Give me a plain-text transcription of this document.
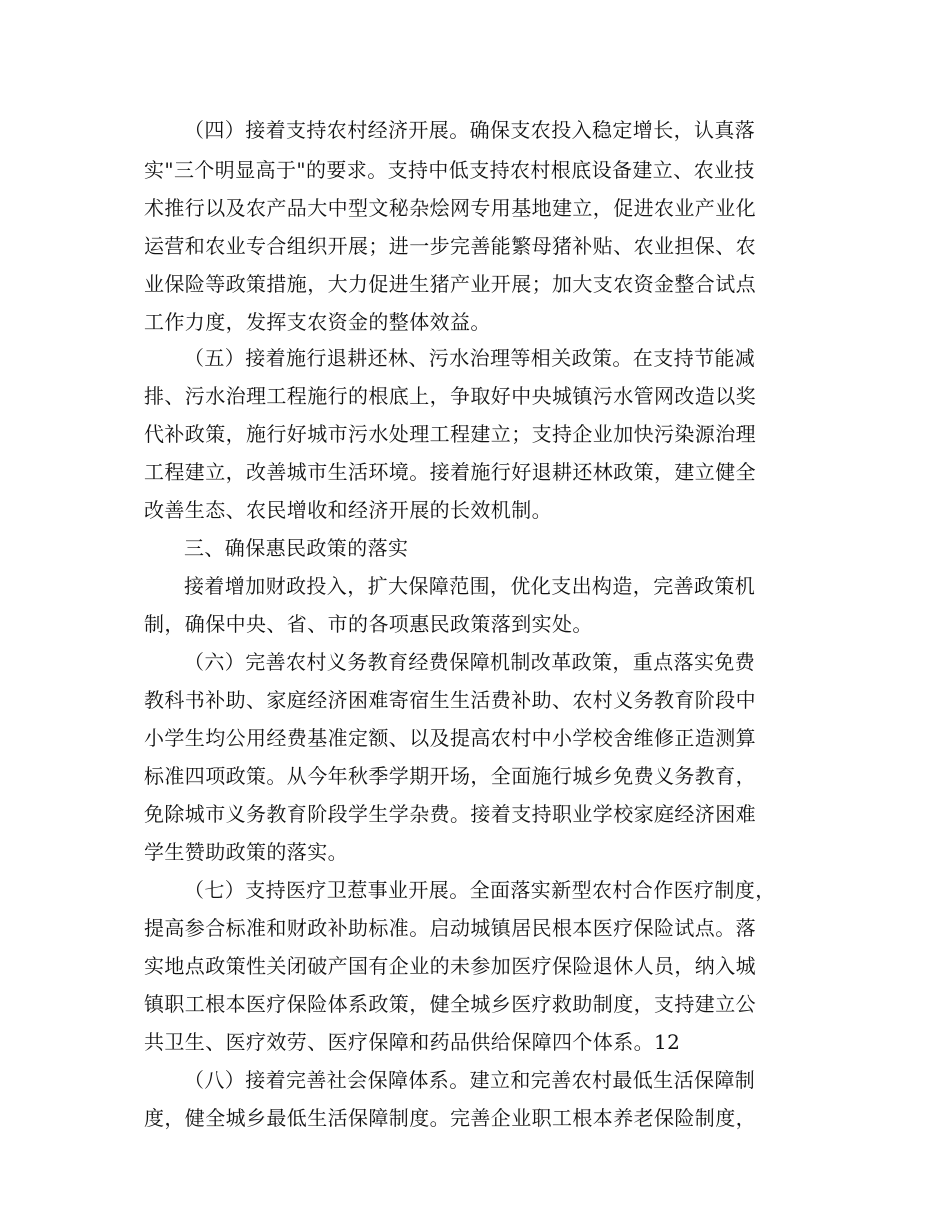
（四）接着支持农村经济开展。确保支农投入稳定增长，认真落
实"三个明显高于"的要求。支持中低支持农村根底设备建立、农业技
术推行以及农产品大中型文秘杂烩网专用基地建立，促进农业产业化
运营和农业专合组织开展；进一步完善能繁母猪补贴、农业担保、农
业保险等政策措施，大力促进生猪产业开展；加大支农资金整合试点
工作力度，发挥支农资金的整体效益。
（五）接着施行退耕还林、污水治理等相关政策。在支持节能减
排、污水治理工程施行的根底上，争取好中央城镇污水管网改造以奖
代补政策，施行好城市污水处理工程建立；支持企业加快污染源治理
工程建立，改善城市生活环境。接着施行好退耕还林政策，建立健全
改善生态、农民增收和经济开展的长效机制。
三、确保惠民政策的落实
接着增加财政投入，扩大保障范围，优化支出构造，完善政策机
制，确保中央、省、市的各项惠民政策落到实处。
（六）完善农村义务教育经费保障机制改革政策，重点落实免费
教科书补助、家庭经济困难寄宿生生活费补助、农村义务教育阶段中
小学生均公用经费基准定额、以及提高农村中小学校舍维修正造测算
标准四项政策。从今年秋季学期开场，全面施行城乡免费义务教育，
免除城市义务教育阶段学生学杂费。接着支持职业学校家庭经济困难
学生赞助政策的落实。
（七）支持医疗卫惹事业开展。全面落实新型农村合作医疗制度，
提高参合标准和财政补助标准。启动城镇居民根本医疗保险试点。落
实地点政策性关闭破产国有企业的未参加医疗保险退休人员，纳入城
镇职工根本医疗保险体系政策，健全城乡医疗救助制度，支持建立公
共卫生、医疗效劳、医疗保障和药品供给保障四个体系。12
（八）接着完善社会保障体系。建立和完善农村最低生活保障制
度，健全城乡最低生活保障制度。完善企业职工根本养老保险制度，
